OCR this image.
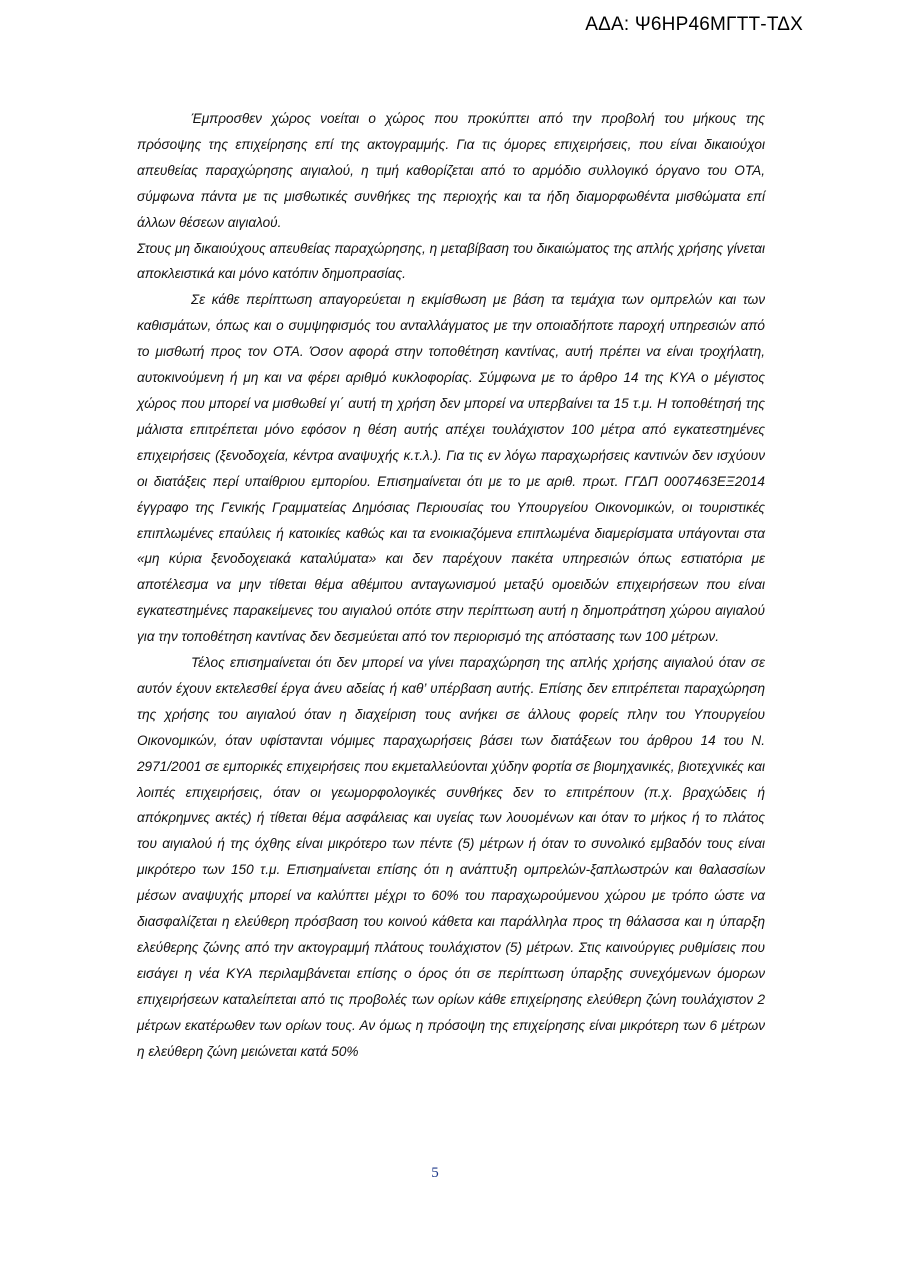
ΑΔΑ: Ψ6ΗΡ46ΜΓΤΤ-ΤΔΧ

Έμπροσθεν χώρος νοείται ο χώρος που προκύπτει από την προβολή του μήκους της πρόσοψης της επιχείρησης επί της ακτογραμμής. Για τις όμορες επιχειρήσεις, που είναι δικαιούχοι απευθείας παραχώρησης αιγιαλού, η τιμή καθορίζεται από το αρμόδιο συλλογικό όργανο του ΟΤΑ, σύμφωνα πάντα με τις μισθωτικές συνθήκες της περιοχής και τα ήδη διαμορφωθέντα μισθώματα επί άλλων θέσεων αιγιαλού.

Στους μη δικαιούχους απευθείας παραχώρησης, η μεταβίβαση του δικαιώματος της απλής χρήσης γίνεται αποκλειστικά και μόνο κατόπιν δημοπρασίας.

Σε κάθε περίπτωση απαγορεύεται η εκμίσθωση με βάση τα τεμάχια των ομπρελών και των καθισμάτων, όπως και ο συμψηφισμός του ανταλλάγματος με την οποιαδήποτε παροχή υπηρεσιών από το μισθωτή προς τον ΟΤΑ. Όσον αφορά στην τοποθέτηση καντίνας, αυτή πρέπει να είναι τροχήλατη, αυτοκινούμενη ή μη και να φέρει αριθμό κυκλοφορίας. Σύμφωνα με το άρθρο 14 της ΚΥΑ ο μέγιστος χώρος που μπορεί να μισθωθεί γι΄ αυτή τη χρήση δεν μπορεί να υπερβαίνει τα 15 τ.μ. Η τοποθέτησή της μάλιστα επιτρέπεται μόνο εφόσον η θέση αυτής απέχει τουλάχιστον 100 μέτρα από εγκατεστημένες επιχειρήσεις (ξενοδοχεία, κέντρα αναψυχής κ.τ.λ.). Για τις εν λόγω παραχωρήσεις καντινών δεν ισχύουν οι διατάξεις περί υπαίθριου εμπορίου. Επισημαίνεται ότι με το με αριθ. πρωτ. ΓΓΔΠ 0007463ΕΞ2014 έγγραφο της Γενικής Γραμματείας Δημόσιας Περιουσίας του Υπουργείου Οικονομικών, οι τουριστικές επιπλωμένες επαύλεις ή κατοικίες καθώς και τα ενοικιαζόμενα επιπλωμένα διαμερίσματα υπάγονται στα «μη κύρια ξενοδοχειακά καταλύματα» και δεν παρέχουν πακέτα υπηρεσιών όπως εστιατόρια με αποτέλεσμα να μην τίθεται θέμα αθέμιτου ανταγωνισμού μεταξύ ομοειδών επιχειρήσεων που είναι εγκατεστημένες παρακείμενες του αιγιαλού οπότε στην περίπτωση αυτή η δημοπράτηση χώρου αιγιαλού για την τοποθέτηση καντίνας δεν δεσμεύεται από τον περιορισμό της απόστασης των 100 μέτρων.

Τέλος επισημαίνεται ότι δεν μπορεί να γίνει παραχώρηση της απλής χρήσης αιγιαλού όταν σε αυτόν έχουν εκτελεσθεί έργα άνευ αδείας ή καθ’ υπέρβαση αυτής. Επίσης δεν επιτρέπεται παραχώρηση της χρήσης του αιγιαλού όταν η διαχείριση τους ανήκει σε άλλους φορείς πλην του Υπουργείου Οικονομικών, όταν υφίστανται νόμιμες παραχωρήσεις βάσει των διατάξεων του άρθρου 14 του Ν. 2971/2001 σε εμπορικές επιχειρήσεις που εκμεταλλεύονται χύδην φορτία σε βιομηχανικές, βιοτεχνικές και λοιπές επιχειρήσεις, όταν οι γεωμορφολογικές συνθήκες δεν το επιτρέπουν (π.χ. βραχώδεις ή απόκρημνες ακτές) ή τίθεται θέμα ασφάλειας και υγείας των λουομένων και όταν το μήκος ή το πλάτος του αιγιαλού ή της όχθης είναι μικρότερο των πέντε (5) μέτρων ή όταν το συνολικό εμβαδόν τους είναι μικρότερο των 150 τ.μ. Επισημαίνεται επίσης ότι η ανάπτυξη ομπρελών-ξαπλωστρών και θαλασσίων μέσων αναψυχής μπορεί να καλύπτει μέχρι το 60% του παραχωρούμενου χώρου με τρόπο ώστε να διασφαλίζεται η ελεύθερη πρόσβαση του κοινού κάθετα και παράλληλα προς τη θάλασσα και η ύπαρξη ελεύθερης ζώνης από την ακτογραμμή πλάτους τουλάχιστον (5) μέτρων. Στις καινούργιες ρυθμίσεις που εισάγει η νέα ΚΥΑ περιλαμβάνεται επίσης ο όρος ότι σε περίπτωση ύπαρξης συνεχόμενων όμορων επιχειρήσεων καταλείπεται από τις προβολές των ορίων κάθε επιχείρησης ελεύθερη ζώνη τουλάχιστον 2 μέτρων εκατέρωθεν των ορίων τους. Αν όμως η πρόσοψη της επιχείρησης είναι μικρότερη των 6 μέτρων η ελεύθερη ζώνη μειώνεται κατά 50%

5
